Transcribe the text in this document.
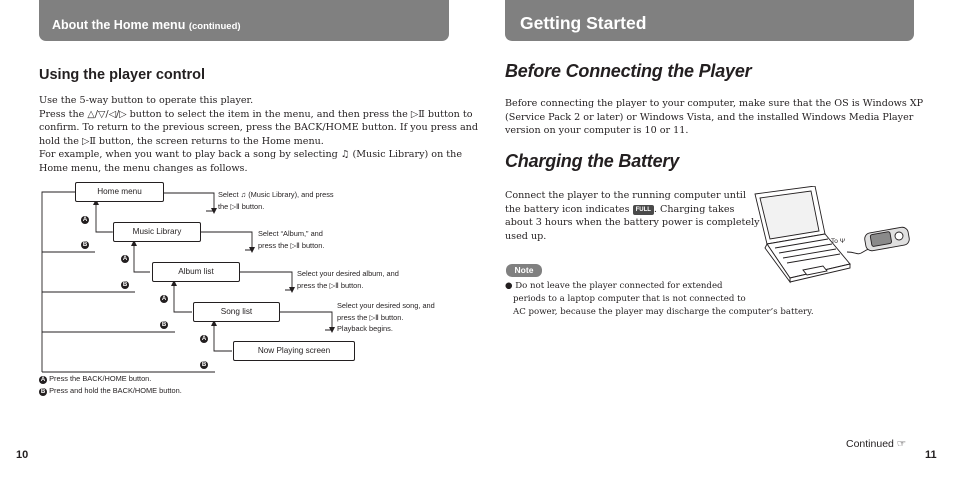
About the Home menu (continued)	Getting Started
Using the player control
Use the 5-way button to operate this player.
Press the △/▽/◁/▷ button to select the item in the menu, and then press the ▷Ⅱ button to
confirm. To return to the previous screen, press the BACK/HOME button. If you press and
hold the ▷Ⅱ button, the screen returns to the Home menu.
For example, when you want to play back a song by selecting ♫ (Music Library) on the
Home menu, the menu changes as follows.
Home menu
Music Library
Album list
Song list
Now Playing screen
Select ♫ (Music Library), and press
the ▷Ⅱ button.
Select “Album,” and
press the ▷Ⅱ button.
Select your desired album, and
press the ▷Ⅱ button.
Select your desired song, and
press the ▷Ⅱ button.
Playback begins.
A
B
A
B
A
B
A
B
A Press the BACK/HOME button.
B Press and hold the BACK/HOME button.
10
Before Connecting the Player
Before connecting the player to your computer, make sure that the OS is Windows XP
(Service Pack 2 or later) or Windows Vista, and the installed Windows Media Player
version on your computer is 10 or 11.
Charging the Battery
Connect the player to the running computer until
the battery icon indicates FULL . Charging takes
about 3 hours when the battery power is completely
used up.	To Ψ
Note
● Do not leave the player connected for extended
periods to a laptop computer that is not connected to
AC power, because the player may discharge the computer’s battery.
Continued ☞
11
